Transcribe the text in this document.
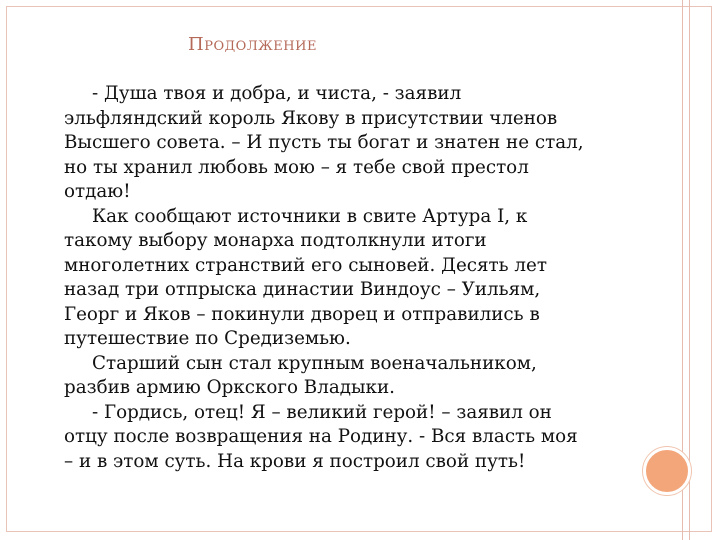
Продолжение
- Душа твоя и добра, и чиста, - заявил
эльфляндский король Якову в присутствии членов
Высшего совета. – И пусть ты богат и знатен не стал,
но ты хранил любовь мою – я тебе свой престол
отдаю!
Как сообщают источники в свите Артура I, к
такому выбору монарха подтолкнули итоги
многолетних странствий его сыновей. Десять лет
назад три отпрыска династии Виндоус – Уильям,
Георг и Яков – покинули дворец и отправились в
путешествие по Средиземью.
Старший сын стал крупным военачальником,
разбив армию Оркского Владыки.
- Гордись, отец! Я – великий герой! – заявил он
отцу после возвращения на Родину. - Вся власть моя
– и в этом суть. На крови я построил свой путь!
